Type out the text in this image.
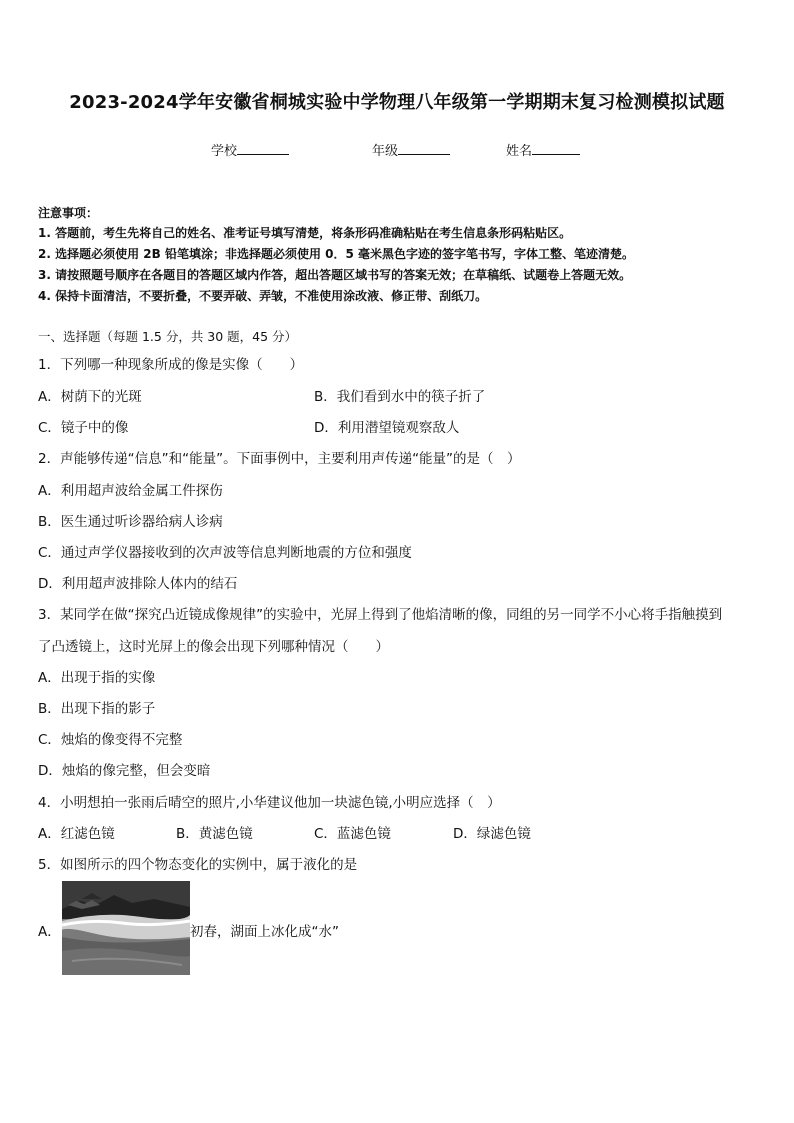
2023-2024学年安徽省桐城实验中学物理八年级第一学期期末复习检测模拟试题
学校	年级	姓名
注意事项：
1. 答题前，考生先将自己的姓名、准考证号填写清楚，将条形码准确粘贴在考生信息条形码粘贴区。
2. 选择题必须使用 2B 铅笔填涂；非选择题必须使用 0．5 毫米黑色字迹的签字笔书写，字体工整、笔迹清楚。
3. 请按照题号顺序在各题目的答题区域内作答，超出答题区域书写的答案无效；在草稿纸、试题卷上答题无效。
4. 保持卡面清洁，不要折叠，不要弄破、弄皱，不准使用涂改液、修正带、刮纸刀。
一、选择题（每题 1.5 分，共 30 题，45 分）
1．下列哪一种现象所成的像是实像（　　）
A．树荫下的光斑	B．我们看到水中的筷子折了
C．镜子中的像	D．利用潜望镜观察敌人
2．声能够传递“信息”和“能量”。下面事例中，主要利用声传递“能量”的是（　）
A．利用超声波给金属工件探伤
B．医生通过听诊器给病人诊病
C．通过声学仪器接收到的次声波等信息判断地震的方位和强度
D．利用超声波排除人体内的结石
3．某同学在做“探究凸近镜成像规律”的实验中，光屏上得到了他焰清晰的像，同组的另一同学不小心将手指触摸到
了凸透镜上，这时光屏上的像会出现下列哪种情况（　　）
A．出现于指的实像
B．出现下指的影子
C．烛焰的像变得不完整
D．烛焰的像完整，但会变暗
4．小明想拍一张雨后晴空的照片,小华建议他加一块滤色镜,小明应选择（　）
A．红滤色镜	B．黄滤色镜	C．蓝滤色镜	D．绿滤色镜
5．如图所示的四个物态变化的实例中，属于液化的是
A．	初春，湖面上冰化成“水”
